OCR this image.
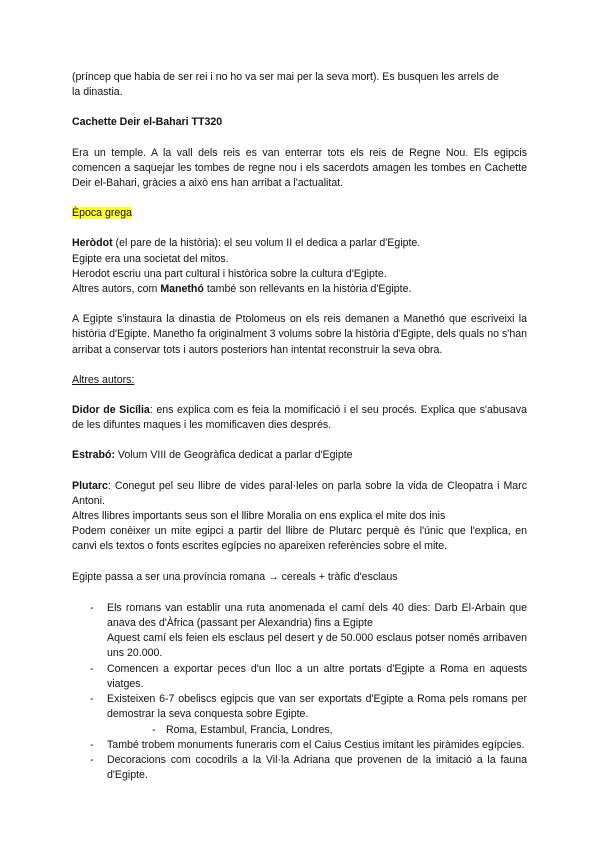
(príncep que habia de ser rei i no ho va ser mai per la seva mort). Es busquen les arrels de

la dinastia.

Cachette Deir el-Bahari TT320

Era un temple. A la vall dels reis es van enterrar tots els reis de Regne Nou. Els egipcis comencen a saquejar les tombes de regne nou i els sacerdots amagen les tombes en Cachette Deir el-Bahari, gràcies a això ens han arribat a l'actualitat.

Època grega

Heròdot (el pare de la història): el seu volum II el dedica a parlar d'Egipte.

Egipte era una societat del mitos.

Herodot escriu una part cultural i històrica sobre la cultura d'Egipte.

Altres autors, com Manethó també son rellevants en la història d'Egipte.

A Egipte s'instaura la dinastia de Ptolomeus on els reis demanen a Manethó que escriveixi la història d'Egipte. Manetho fa originalment 3 volums sobre la història d'Egipte, dels quals no s'han arribat a conservar tots i autors posteriors han intentat reconstruir la seva obra.

Altres autors:

Didor de Sicília: ens explica com es feia la momificació i el seu procés. Explica que s'abusava de les difuntes maques i les momificaven dies després.

Estrabó: Volum VIII de Geogràfica dedicat a parlar d'Egipte

Plutarc: Conegut pel seu llibre de vides paral·leles on parla sobre la vida de Cleopatra i Marc Antoni.

Altres llibres importants seus son el llibre Moralia on ens explica el mite dos inis

Podem conèixer un mite egipci a partir del llibre de Plutarc perquè és l'únic que l'explica, en canvi els textos o fonts escrites egípcies no apareixen referències sobre el mite.

Egipte passa a ser una província romana → cereals + tràfic d'esclaus

- Els romans van establir una ruta anomenada el camí dels 40 dies: Darb El-Arbain que anava des d'Àfrica (passant per Alexandria) fins a Egipte
Aquest camí els feien els esclaus pel desert y de 50.000 esclaus potser només arribaven uns 20.000.
- Comencen a exportar peces d'un lloc a un altre portats d'Egipte a Roma en aquests viatges.
- Existeixen 6-7 obeliscs egipcis que van ser exportats d'Egipte a Roma pels romans per demostrar la seva conquesta sobre Egipte.
- Roma, Estambul, Francia, Londres,
- També trobem monuments funeraris com el Caius Cestius imitant les piràmides egípcies.
- Decoracions com cocodrils a la Vil·la Adriana que provenen de la imitació a la fauna d'Egipte.
